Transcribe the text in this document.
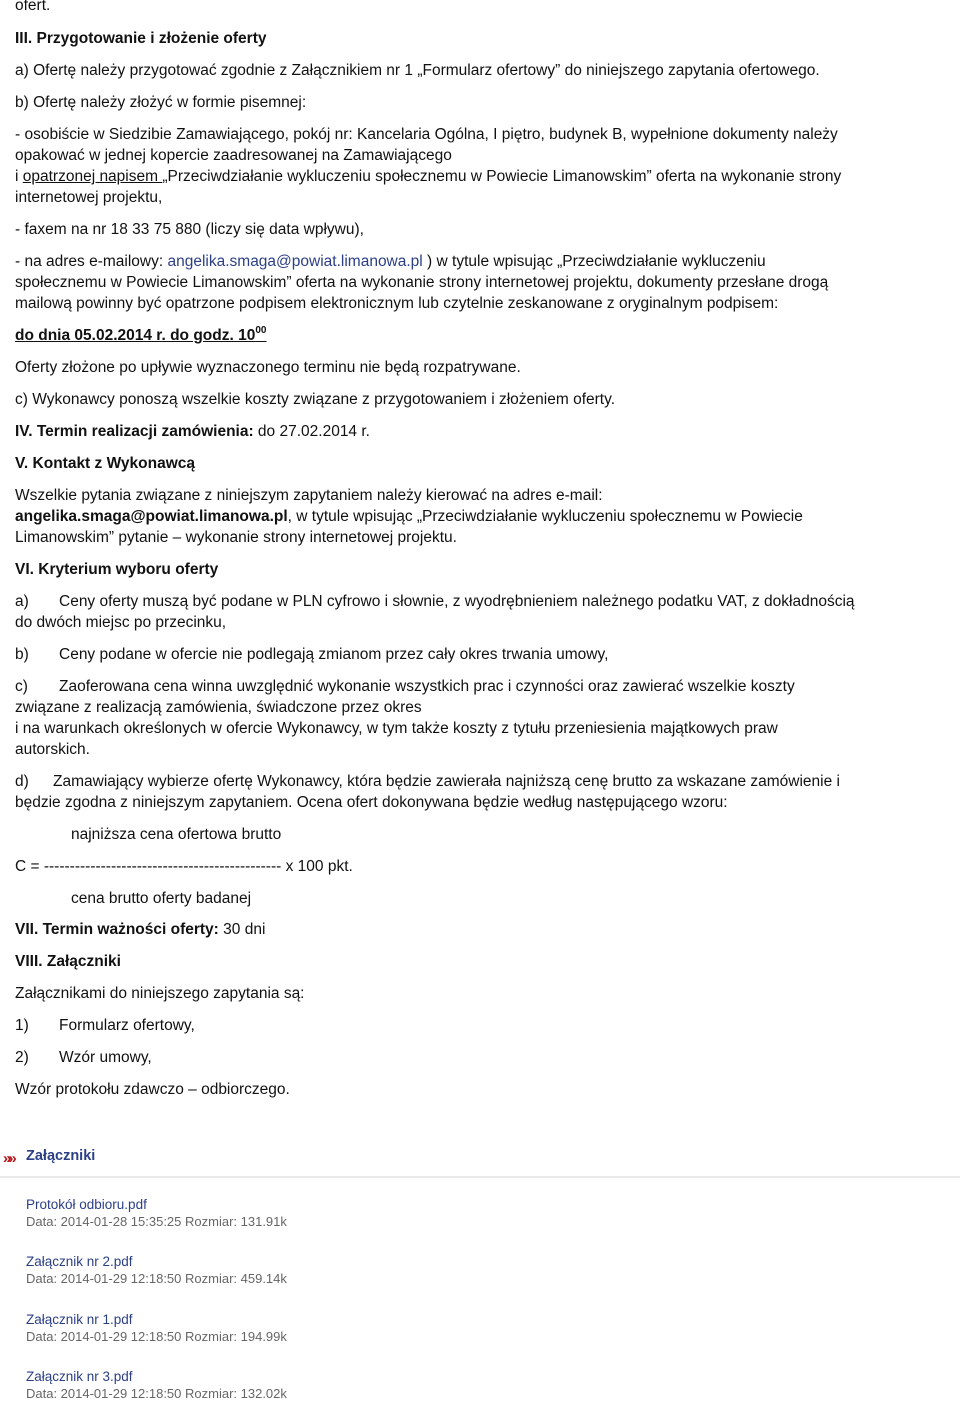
ofert.

III. Przygotowanie i złożenie oferty

a) Ofertę należy przygotować zgodnie z Załącznikiem nr 1 „Formularz ofertowy” do niniejszego zapytania ofertowego.

b) Ofertę należy złożyć w formie pisemnej:

- osobiście w Siedzibie Zamawiającego, pokój nr: Kancelaria Ogólna, I piętro, budynek B, wypełnione dokumenty należy

opakować w jednej kopercie zaadresowanej na Zamawiającego

i opatrzonej napisem „Przeciwdziałanie wykluczeniu społecznemu w Powiecie Limanowskim” oferta na wykonanie strony

internetowej projektu,

- faxem na nr 18 33 75 880 (liczy się data wpływu),

- na adres e-mailowy: angelika.smaga@powiat.limanowa.pl ) w tytule wpisując „Przeciwdziałanie wykluczeniu

społecznemu w Powiecie Limanowskim” oferta na wykonanie strony internetowej projektu, dokumenty przesłane drogą

mailową powinny być opatrzone podpisem elektronicznym lub czytelnie zeskanowane z oryginalnym podpisem:

do dnia 05.02.2014 r. do godz. $10^{00}$

Oferty złożone po upływie wyznaczonego terminu nie będą rozpatrywane.

c) Wykonawcy ponoszą wszelkie koszty związane z przygotowaniem i złożeniem oferty.

IV. Termin realizacji zamówienia: do 27.02.2014 r.

V. Kontakt z Wykonawcą

Wszelkie pytania związane z niniejszym zapytaniem należy kierować na adres e-mail:

angelika.smaga@powiat.limanowa.pl, w tytule wpisując „Przeciwdziałanie wykluczeniu społecznemu w Powiecie

Limanowskim” pytanie – wykonanie strony internetowej projektu.

VI. Kryterium wyboru oferty

a) Ceny oferty muszą być podane w PLN cyfrowo i słownie, z wyodrębnieniem należnego podatku VAT, z dokładnością

do dwóch miejsc po przecinku,

b) Ceny podane w ofercie nie podlegają zmianom przez cały okres trwania umowy,

c) Zaoferowana cena winna uwzględnić wykonanie wszystkich prac i czynności oraz zawierać wszelkie koszty

związane z realizacją zamówienia, świadczone przez okres

i na warunkach określonych w ofercie Wykonawcy, w tym także koszty z tytułu przeniesienia majątkowych praw

autorskich.

d) Zamawiający wybierze ofertę Wykonawcy, która będzie zawierała najniższą cenę brutto za wskazane zamówienie i

będzie zgodna z niniejszym zapytaniem. Ocena ofert dokonywana będzie według następującego wzoru:

najniższa cena ofertowa brutto

C = ---------------------------------------------- x 100 pkt.

cena brutto oferty badanej

VII. Termin ważności oferty: 30 dni

VIII. Załączniki

Załącznikami do niniejszego zapytania są:

1) Formularz ofertowy,

2) Wzór umowy,

Wzór protokołu zdawczo – odbiorczego.

»» Załączniki
Protokół odbioru.pdf
Data: 2014-01-28 15:35:25 Rozmiar: 131.91k
Załącznik nr 2.pdf
Data: 2014-01-29 12:18:50 Rozmiar: 459.14k
Załącznik nr 1.pdf
Data: 2014-01-29 12:18:50 Rozmiar: 194.99k
Załącznik nr 3.pdf
Data: 2014-01-29 12:18:50 Rozmiar: 132.02k
